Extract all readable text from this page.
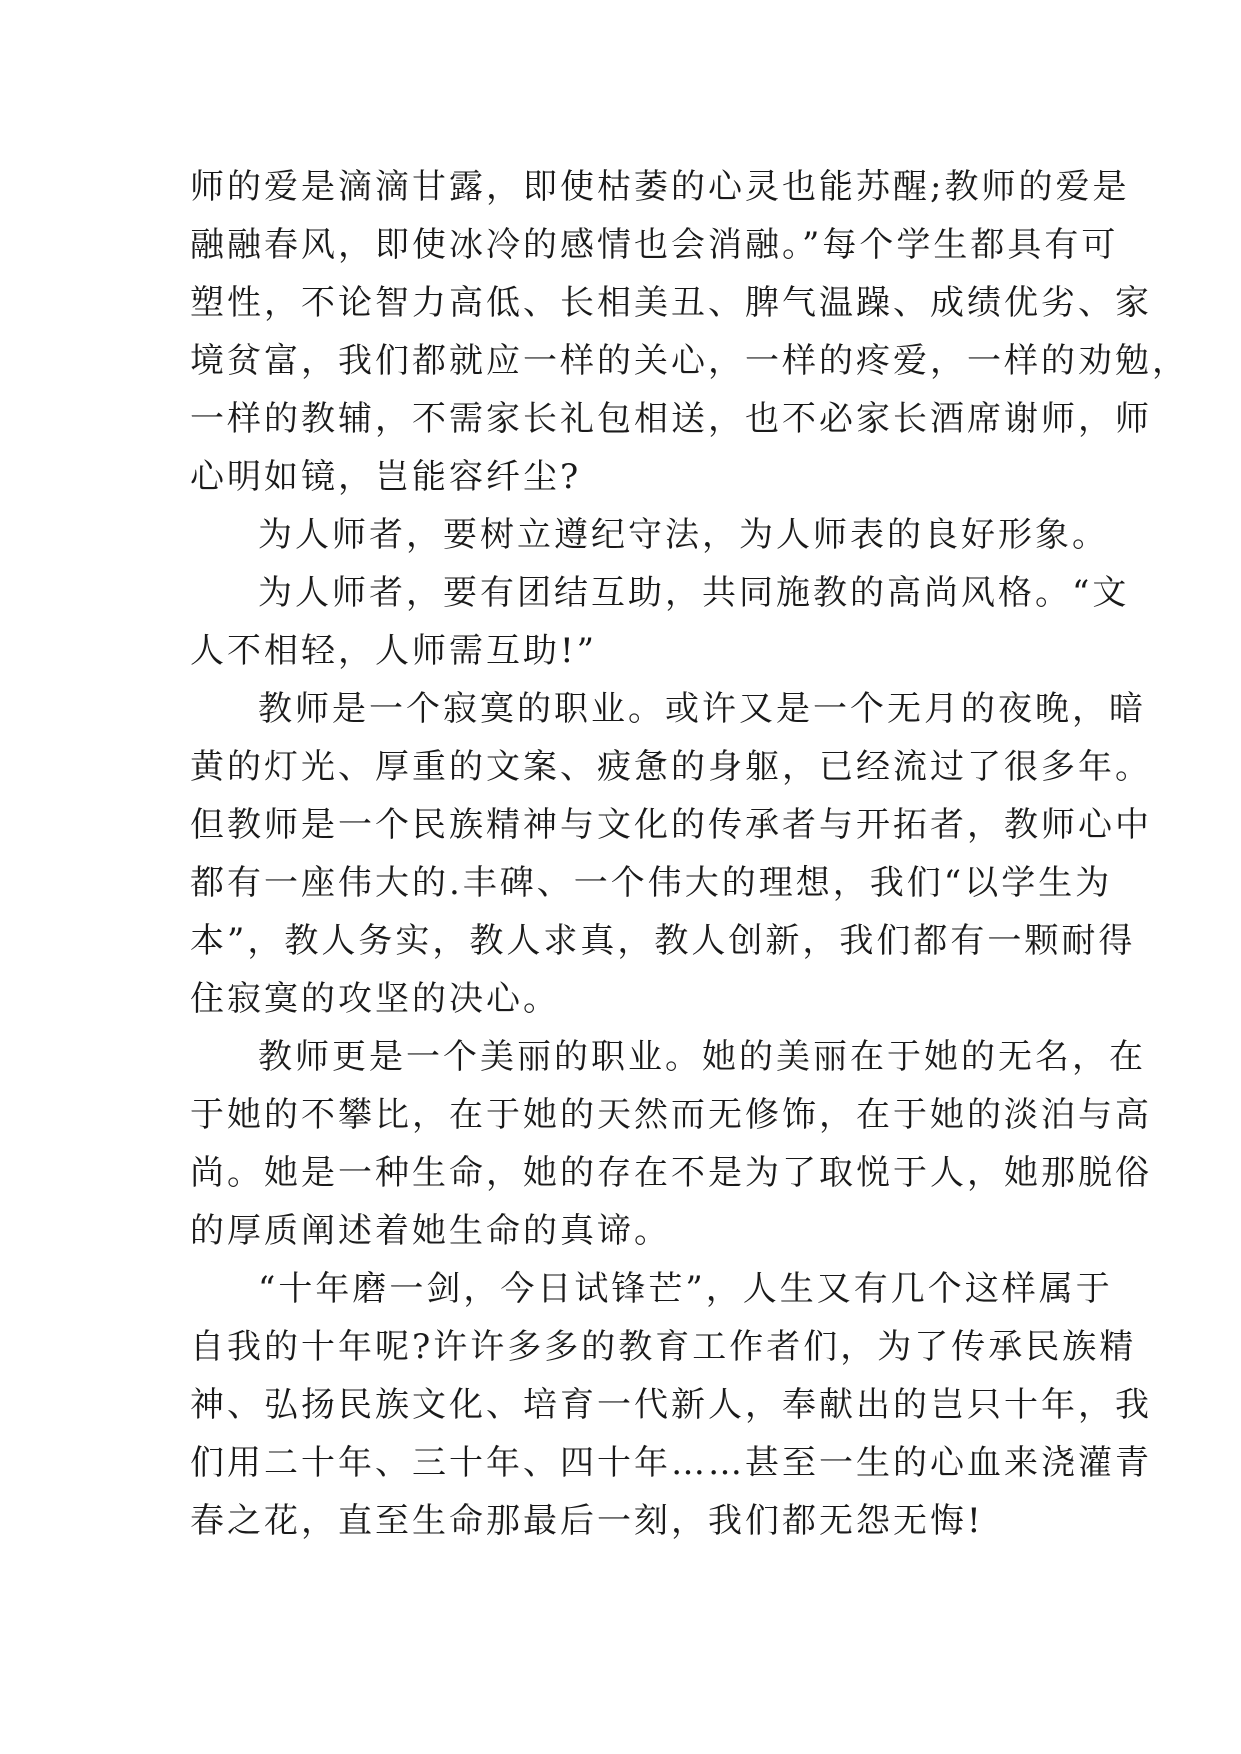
师的爱是滴滴甘露，即使枯萎的心灵也能苏醒;教师的爱是
融融春风，即使冰冷的感情也会消融。”每个学生都具有可
塑性，不论智力高低、长相美丑、脾气温躁、成绩优劣、家
境贫富，我们都就应一样的关心，一样的疼爱，一样的劝勉，
一样的教辅，不需家长礼包相送，也不必家长酒席谢师，师
心明如镜，岂能容纤尘?
为人师者，要树立遵纪守法，为人师表的良好形象。
为人师者，要有团结互助，共同施教的高尚风格。“文
人不相轻，人师需互助!”
教师是一个寂寞的职业。或许又是一个无月的夜晚，暗
黄的灯光、厚重的文案、疲惫的身躯，已经流过了很多年。
但教师是一个民族精神与文化的传承者与开拓者，教师心中
都有一座伟大的.丰碑、一个伟大的理想，我们“以学生为
本”，教人务实，教人求真，教人创新，我们都有一颗耐得
住寂寞的攻坚的决心。
教师更是一个美丽的职业。她的美丽在于她的无名，在
于她的不攀比，在于她的天然而无修饰，在于她的淡泊与高
尚。她是一种生命，她的存在不是为了取悦于人，她那脱俗
的厚质阐述着她生命的真谛。
“十年磨一剑，今日试锋芒”，人生又有几个这样属于
自我的十年呢?许许多多的教育工作者们，为了传承民族精
神、弘扬民族文化、培育一代新人，奉献出的岂只十年，我
们用二十年、三十年、四十年……甚至一生的心血来浇灌青
春之花，直至生命那最后一刻，我们都无怨无悔!
